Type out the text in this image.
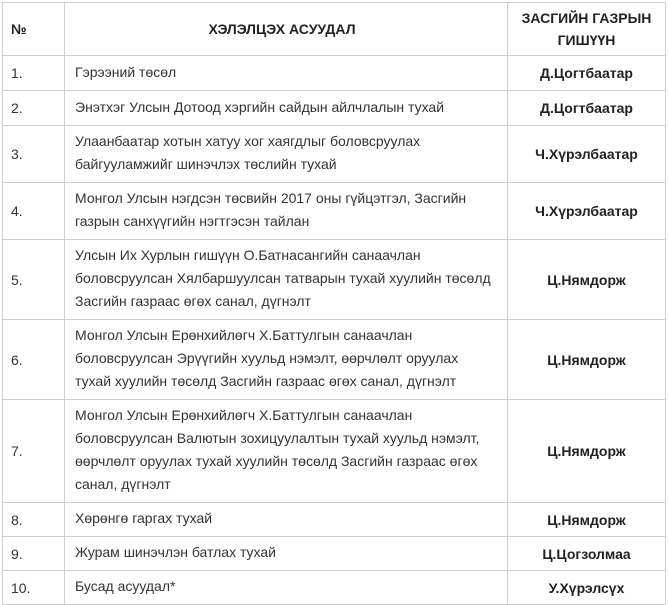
№	ХЭЛЭЛЦЭХ АСУУДАЛ	ЗАСГИЙН ГАЗРЫН ГИШҮҮН
1.	Гэрээний төсөл	Д.Цогтбаатар
2.	Энэтхэг Улсын Дотоод хэргийн сайдын айлчлалын тухай	Д.Цогтбаатар
3.	Улаанбаатар хотын хатуу хог хаягдлыг боловсруулах байгууламжийг шинэчлэх төслийн тухай	Ч.Хүрэлбаатар
4.	Монгол Улсын нэгдсэн төсвийн 2017 оны гүйцэтгэл, Засгийн газрын санхүүгийн нэгтгэсэн тайлан	Ч.Хүрэлбаатар
5.	Улсын Их Хурлын гишүүн О.Батнасангийн санаачлан боловсруулсан Хялбаршуулсан татварын тухай хуулийн төсөлд Засгийн газраас өгөх санал, дүгнэлт	Ц.Нямдорж
6.	Монгол Улсын Ерөнхийлөгч Х.Баттулгын санаачлан боловсруулсан Эрүүгийн хуульд нэмэлт, өөрчлөлт оруулах тухай хуулийн төсөлд Засгийн газраас өгөх санал, дүгнэлт	Ц.Нямдорж
7.	Монгол Улсын Ерөнхийлөгч Х.Баттулгын санаачлан боловсруулсан Валютын зохицуулалтын тухай хуульд нэмэлт, өөрчлөлт оруулах тухай хуулийн төсөлд Засгийн газраас өгөх санал, дүгнэлт	Ц.Нямдорж
8.	Хөрөнгө гаргах тухай	Ц.Нямдорж
9.	Журам шинэчлэн батлах тухай	Ц.Цогзолмаа
10.	Бусад асуудал*	У.Хүрэлсүх
